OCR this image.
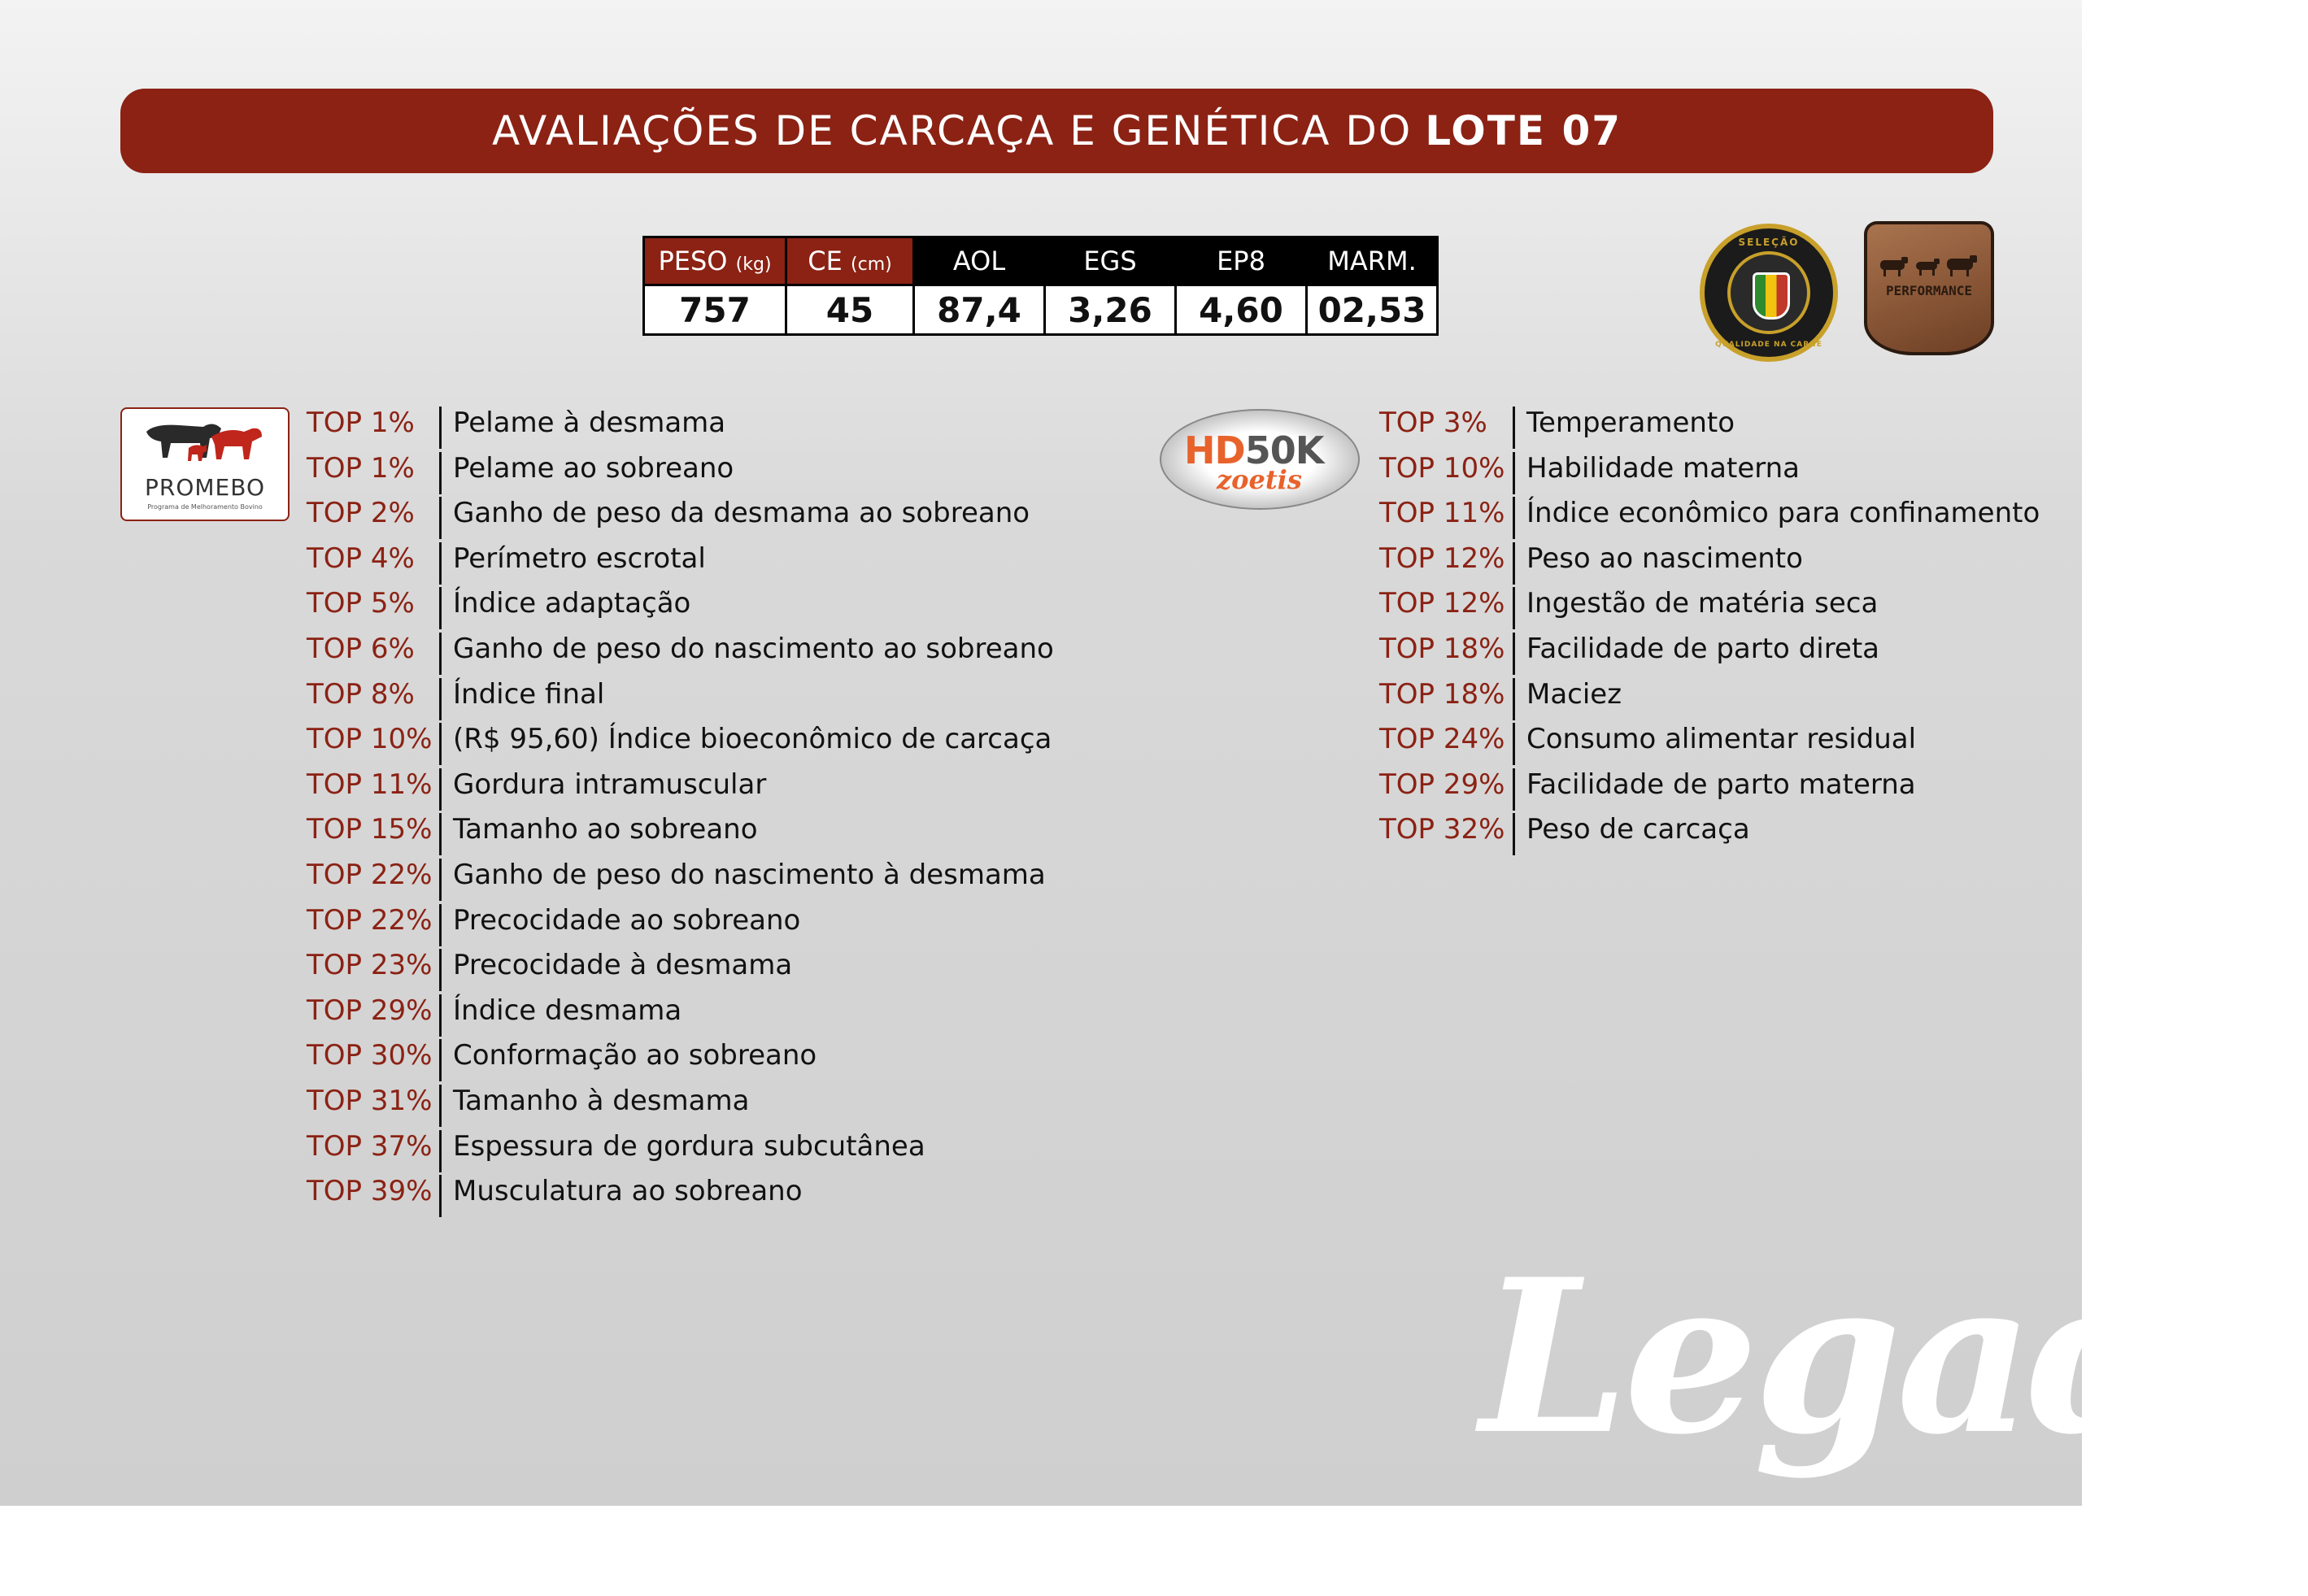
AVALIAÇÕES DE CARCAÇA E GENÉTICA DO LOTE 07
PESO (kg)	CE (cm)	AOL	EGS	EP8	MARM.
757	45	87,4	3,26	4,60	02,53
SELEÇÃO
QUALIDADE NA CARNE
PERFORMANCE
PROMEBO
Programa de Melhoramento Bovino
HD50K
zoetis
TOP 1%	Pelame à desmama
TOP 1%	Pelame ao sobreano
TOP 2%	Ganho de peso da desmama ao sobreano
TOP 4%	Perímetro escrotal
TOP 5%	Índice adaptação
TOP 6%	Ganho de peso do nascimento ao sobreano
TOP 8%	Índice final
TOP 10% (R$ 95,60) Índice bioeconômico de carcaça
TOP 11% Gordura intramuscular
TOP 15% Tamanho ao sobreano
TOP 22% Ganho de peso do nascimento à desmama
TOP 22% Precocidade ao sobreano
TOP 23% Precocidade à desmama
TOP 29% Índice desmama
TOP 30% Conformação ao sobreano
TOP 31% Tamanho à desmama
TOP 37% Espessura de gordura subcutânea
TOP 39% Musculatura ao sobreano
TOP 3%	Temperamento
TOP 10% Habilidade materna
TOP 11% Índice econômico para confinamento
TOP 12% Peso ao nascimento
TOP 12% Ingestão de matéria seca
TOP 18% Facilidade de parto direta
TOP 18% Maciez
TOP 24% Consumo alimentar residual
TOP 29% Facilidade de parto materna
TOP 32% Peso de carcaça
Legado
